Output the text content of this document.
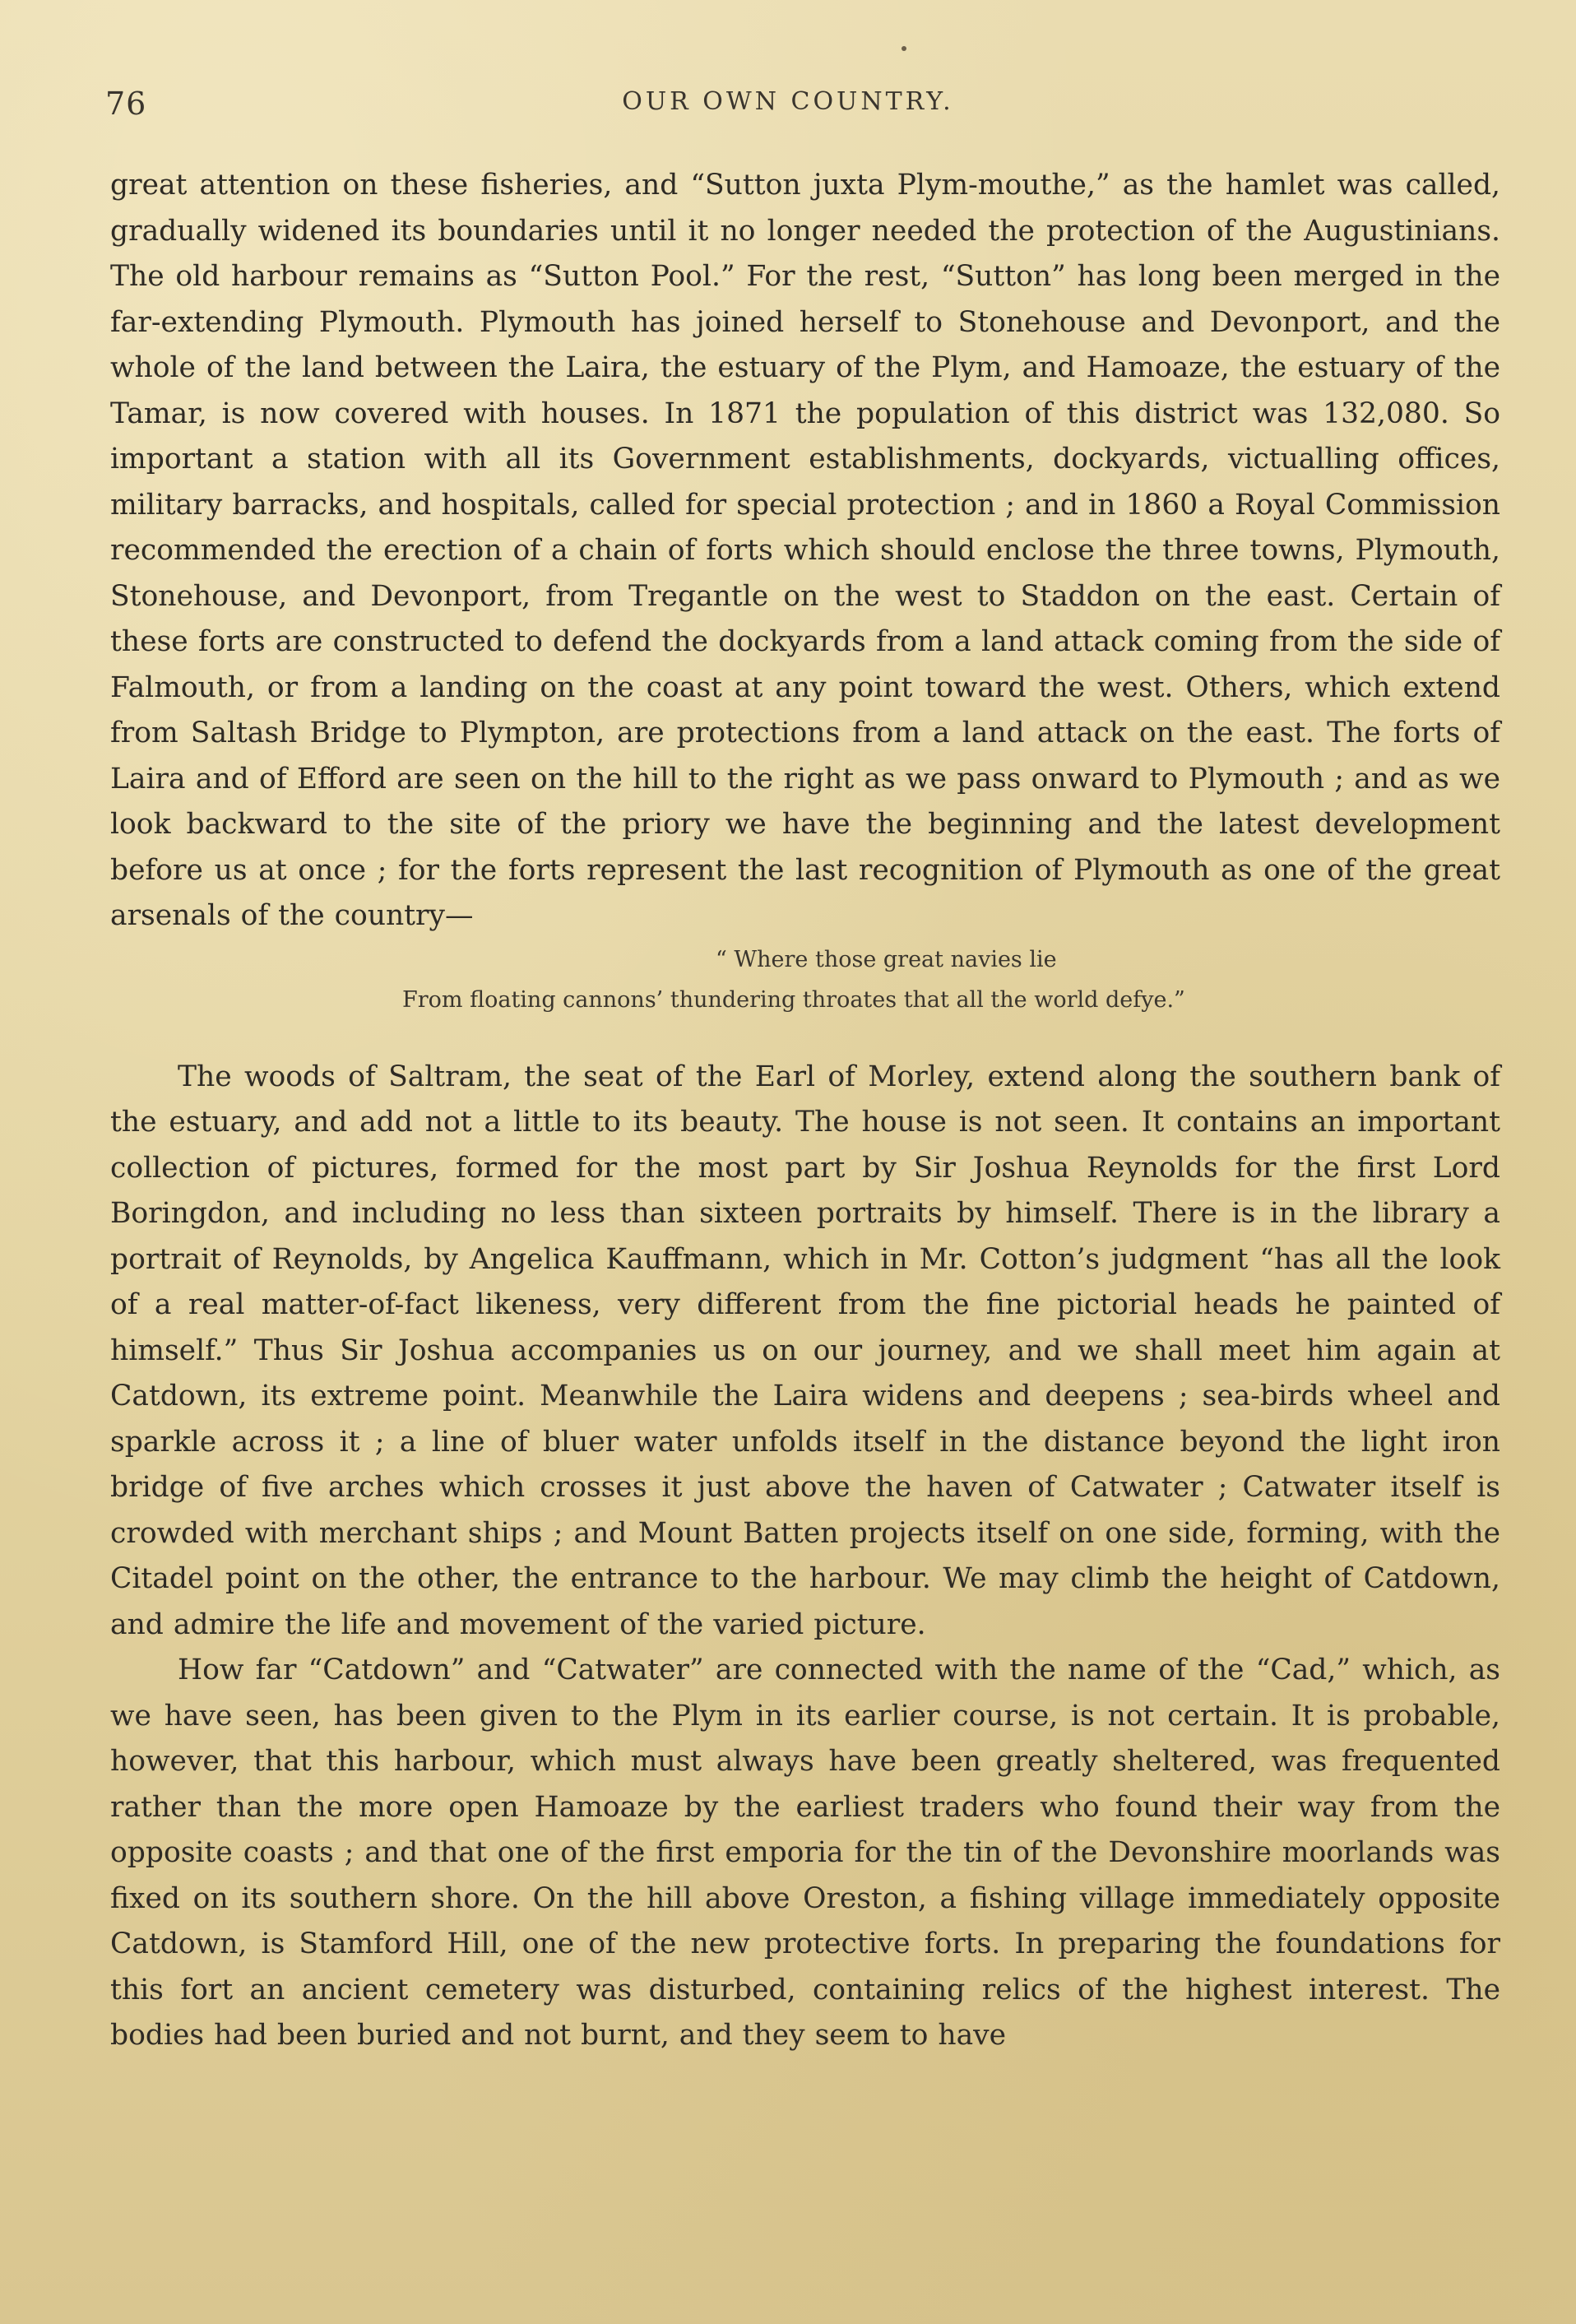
76	OUR OWN COUNTRY.

great attention on these fisheries, and “Sutton juxta Plym-mouthe,” as the hamlet was called, gradually widened its boundaries until it no longer needed the protection of the Augustinians. The old harbour remains as “Sutton Pool.” For the rest, “Sutton” has long been merged in the far-extending Plymouth. Plymouth has joined herself to Stonehouse and Devonport, and the whole of the land between the Laira, the estuary of the Plym, and Hamoaze, the estuary of the Tamar, is now covered with houses. In 1871 the population of this district was 132,080. So important a station with all its Government establishments, dockyards, victualling offices, military barracks, and hospitals, called for special protection ; and in 1860 a Royal Commission recommended the erection of a chain of forts which should enclose the three towns, Plymouth, Stonehouse, and Devonport, from Tregantle on the west to Staddon on the east. Certain of these forts are constructed to defend the dockyards from a land attack coming from the side of Falmouth, or from a landing on the coast at any point toward the west. Others, which extend from Saltash Bridge to Plympton, are protections from a land attack on the east. The forts of Laira and of Efford are seen on the hill to the right as we pass onward to Plymouth ; and as we look backward to the site of the priory we have the beginning and the latest development before us at once ; for the forts represent the last recognition of Plymouth as one of the great arsenals of the country—

“ Where those great navies lie
From floating cannons’ thundering throates that all the world defye.”

The woods of Saltram, the seat of the Earl of Morley, extend along the southern bank of the estuary, and add not a little to its beauty. The house is not seen. It contains an important collection of pictures, formed for the most part by Sir Joshua Reynolds for the first Lord Boringdon, and including no less than sixteen portraits by himself. There is in the library a portrait of Reynolds, by Angelica Kauffmann, which in Mr. Cotton’s judgment “has all the look of a real matter-of-fact likeness, very different from the fine pictorial heads he painted of himself.” Thus Sir Joshua accompanies us on our journey, and we shall meet him again at Catdown, its extreme point. Meanwhile the Laira widens and deepens ; sea-birds wheel and sparkle across it ; a line of bluer water unfolds itself in the distance beyond the light iron bridge of five arches which crosses it just above the haven of Catwater ; Catwater itself is crowded with merchant ships ; and Mount Batten projects itself on one side, forming, with the Citadel point on the other, the entrance to the harbour. We may climb the height of Catdown, and admire the life and movement of the varied picture.

How far “Catdown” and “Catwater” are connected with the name of the “Cad,” which, as we have seen, has been given to the Plym in its earlier course, is not certain. It is probable, however, that this harbour, which must always have been greatly sheltered, was frequented rather than the more open Hamoaze by the earliest traders who found their way from the opposite coasts ; and that one of the first emporia for the tin of the Devonshire moorlands was fixed on its southern shore. On the hill above Oreston, a fishing village immediately opposite Catdown, is Stamford Hill, one of the new protective forts. In preparing the foundations for this fort an ancient cemetery was disturbed, containing relics of the highest interest. The bodies had been buried and not burnt, and they seem to have
